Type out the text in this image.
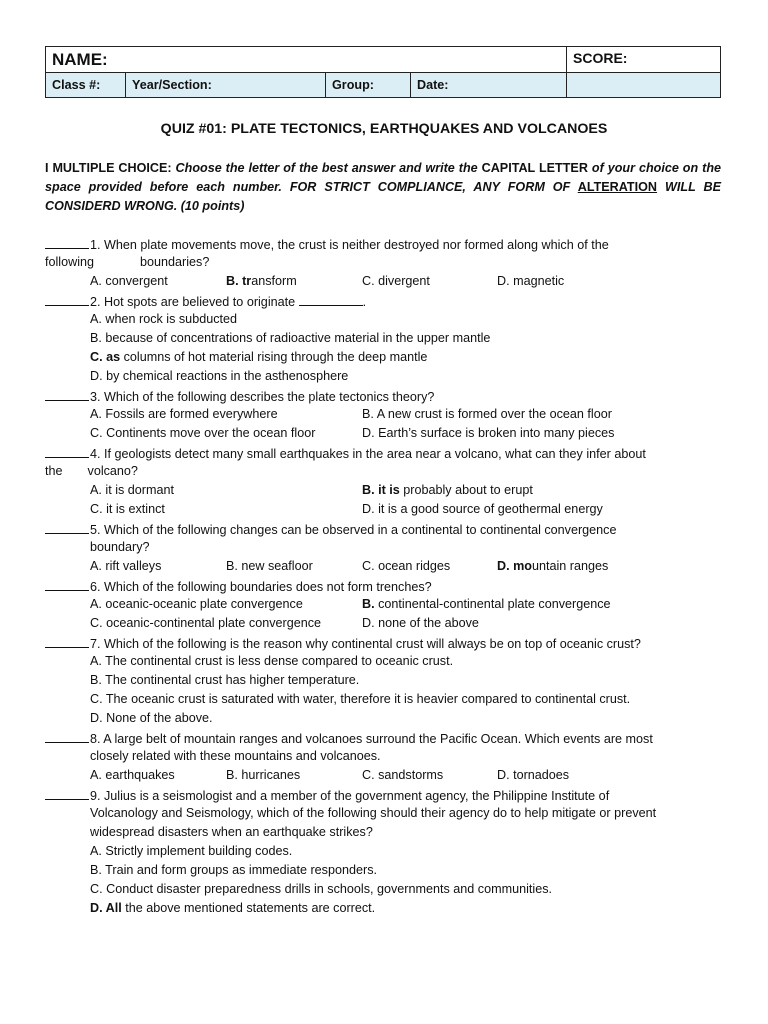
NAME:				SCORE:
Class #:	Year/Section:	Group:	Date:	
QUIZ #01: PLATE TECTONICS, EARTHQUAKES AND VOLCANOES
I MULTIPLE CHOICE: Choose the letter of the best answer and write the CAPITAL LETTER of your choice on the space provided before each number. FOR STRICT COMPLIANCE, ANY FORM OF ALTERATION WILL BE CONSIDERD WRONG. (10 points)
1. When plate movements move, the crust is neither destroyed nor formed along which of the
following	boundaries?
A. convergent	B. transform	C. divergent	D. magnetic
2. Hot spots are believed to originate	.
A. when rock is subducted
B. because of concentrations of radioactive material in the upper mantle
C. as columns of hot material rising through the deep mantle
D. by chemical reactions in the asthenosphere
3. Which of the following describes the plate tectonics theory?
A. Fossils are formed everywhere	B. A new crust is formed over the ocean floor
C. Continents move over the ocean floor	D. Earth’s surface is broken into many pieces
4. If geologists detect many small earthquakes in the area near a volcano, what can they infer about
the volcano?
A. it is dormant	B. it is probably about to erupt
C. it is extinct	D. it is a good source of geothermal energy
5. Which of the following changes can be observed in a continental to continental convergence
boundary?
A. rift valleys	B. new seafloor	C. ocean ridges	D. mountain ranges
6. Which of the following boundaries does not form trenches?
A. oceanic-oceanic plate convergence	B. continental-continental plate convergence
C. oceanic-continental plate convergence	D. none of the above
7. Which of the following is the reason why continental crust will always be on top of oceanic crust?
A. The continental crust is less dense compared to oceanic crust.
B. The continental crust has higher temperature.
C. The oceanic crust is saturated with water, therefore it is heavier compared to continental crust.
D. None of the above.
8. A large belt of mountain ranges and volcanoes surround the Pacific Ocean. Which events are most
closely related with these mountains and volcanoes.
A. earthquakes	B. hurricanes	C. sandstorms	D. tornadoes
9. Julius is a seismologist and a member of the government agency, the Philippine Institute of
Volcanology and Seismology, which of the following should their agency do to help mitigate or prevent
widespread disasters when an earthquake strikes?
A. Strictly implement building codes.
B. Train and form groups as immediate responders.
C. Conduct disaster preparedness drills in schools, governments and communities.
D. All the above mentioned statements are correct.
